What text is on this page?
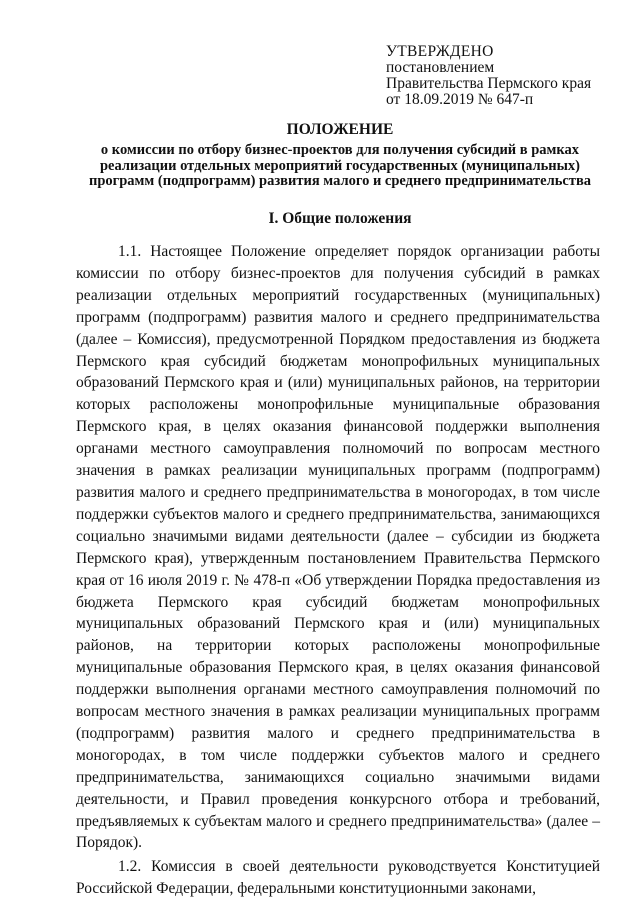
УТВЕРЖДЕНО
постановлением
Правительства Пермского края
от 18.09.2019 № 647-п
ПОЛОЖЕНИЕ
о комиссии по отбору бизнес-проектов для получения субсидий в рамках реализации отдельных мероприятий государственных (муниципальных) программ (подпрограмм) развития малого и среднего предпринимательства
I. Общие положения

1.1. Настоящее Положение определяет порядок организации работы комиссии по отбору бизнес-проектов для получения субсидий в рамках реализации отдельных мероприятий государственных (муниципальных) программ (подпрограмм) развития малого и среднего предпринимательства (далее – Комиссия), предусмотренной Порядком предоставления из бюджета Пермского края субсидий бюджетам монопрофильных муниципальных образований Пермского края и (или) муниципальных районов, на территории которых расположены монопрофильные муниципальные образования Пермского края, в целях оказания финансовой поддержки выполнения органами местного самоуправления полномочий по вопросам местного значения в рамках реализации муниципальных программ (подпрограмм) развития малого и среднего предпринимательства в моногородах, в том числе поддержки субъектов малого и среднего предпринимательства, занимающихся социально значимыми видами деятельности (далее – субсидии из бюджета Пермского края), утвержденным постановлением Правительства Пермского края от 16 июля 2019 г. № 478-п «Об утверждении Порядка предоставления из бюджета Пермского края субсидий бюджетам монопрофильных муниципальных образований Пермского края и (или) муниципальных районов, на территории которых расположены монопрофильные муниципальные образования Пермского края, в целях оказания финансовой поддержки выполнения органами местного самоуправления полномочий по вопросам местного значения в рамках реализации муниципальных программ (подпрограмм) развития малого и среднего предпринимательства в моногородах, в том числе поддержки субъектов малого и среднего предпринимательства, занимающихся социально значимыми видами деятельности, и Правил проведения конкурсного отбора и требований, предъявляемых к субъектам малого и среднего предпринимательства» (далее – Порядок).

1.2. Комиссия в своей деятельности руководствуется Конституцией Российской Федерации, федеральными конституционными законами,
